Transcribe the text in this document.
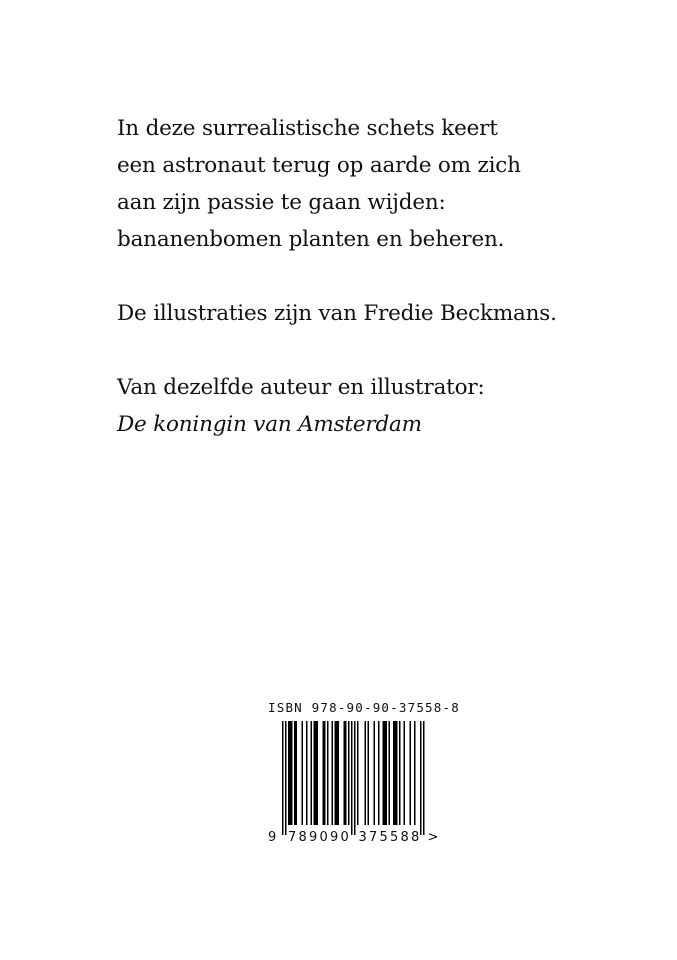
In deze surrealistische schets keert

een astronaut terug op aarde om zich

aan zijn passie te gaan wijden:

bananenbomen planten en beheren.

De illustraties zijn van Fredie Beckmans.

Van dezelfde auteur en illustrator:

De koningin van Amsterdam

ISBN 978-90-90-37558-8
9 7 8 9 0 9 0 3 7 5 5 8 8 >
